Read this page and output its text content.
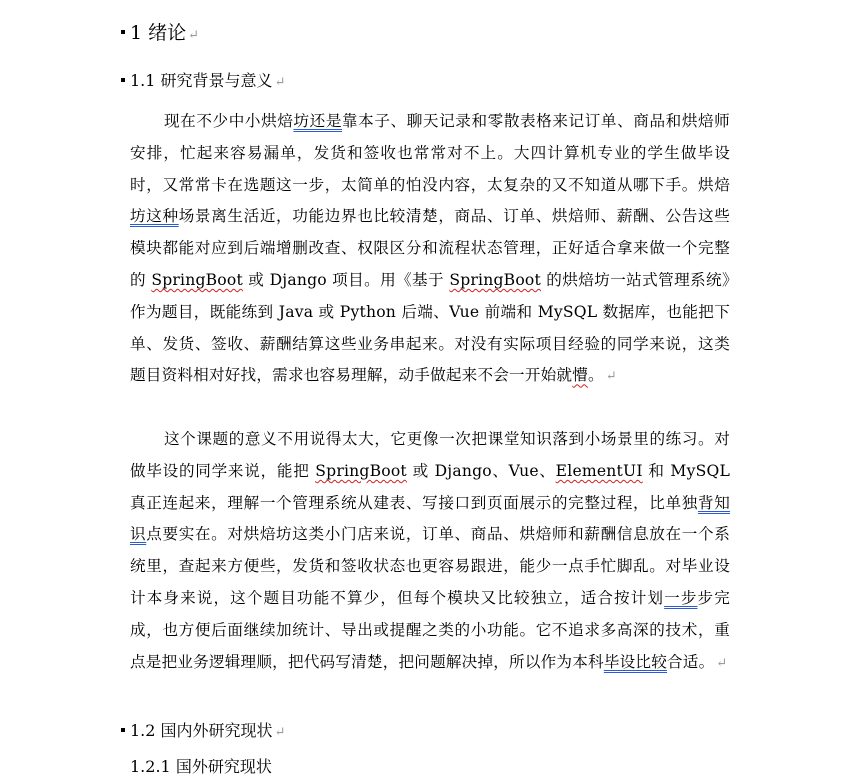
1 绪论 ↵
1.1 研究背景与意义 ↵

现在不少中小烘焙坊还是靠本子、聊天记录和零散表格来记订单、商品和烘焙师安排，忙起来容易漏单，发货和签收也常常对不上。大四计算机专业的学生做毕设时，又常常卡在选题这一步，太简单的怕没内容，太复杂的又不知道从哪下手。烘焙坊这种场景离生活近，功能边界也比较清楚，商品、订单、烘焙师、薪酬、公告这些模块都能对应到后端增删改查、权限区分和流程状态管理，正好适合拿来做一个完整的 SpringBoot 或 Django 项目。用《基于 SpringBoot 的烘焙坊一站式管理系统》作为题目，既能练到 Java 或 Python 后端、Vue 前端和 MySQL 数据库，也能把下单、发货、签收、薪酬结算这些业务串起来。对没有实际项目经验的同学来说，这类题目资料相对好找，需求也容易理解，动手做起来不会一开始就懵。 ↵

这个课题的意义不用说得太大，它更像一次把课堂知识落到小场景里的练习。对做毕设的同学来说，能把 SpringBoot 或 Django、Vue、ElementUI 和 MySQL 真正连起来，理解一个管理系统从建表、写接口到页面展示的完整过程，比单独背知识点要实在。对烘焙坊这类小门店来说，订单、商品、烘焙师和薪酬信息放在一个系统里，查起来方便些，发货和签收状态也更容易跟进，能少一点手忙脚乱。对毕业设计本身来说，这个题目功能不算少，但每个模块又比较独立，适合按计划一步步完成，也方便后面继续加统计、导出或提醒之类的小功能。它不追求多高深的技术，重点是把业务逻辑理顺，把代码写清楚，把问题解决掉，所以作为本科毕设比较合适。 ↵

1.2 国内外研究现状 ↵
1.2.1 国外研究现状
